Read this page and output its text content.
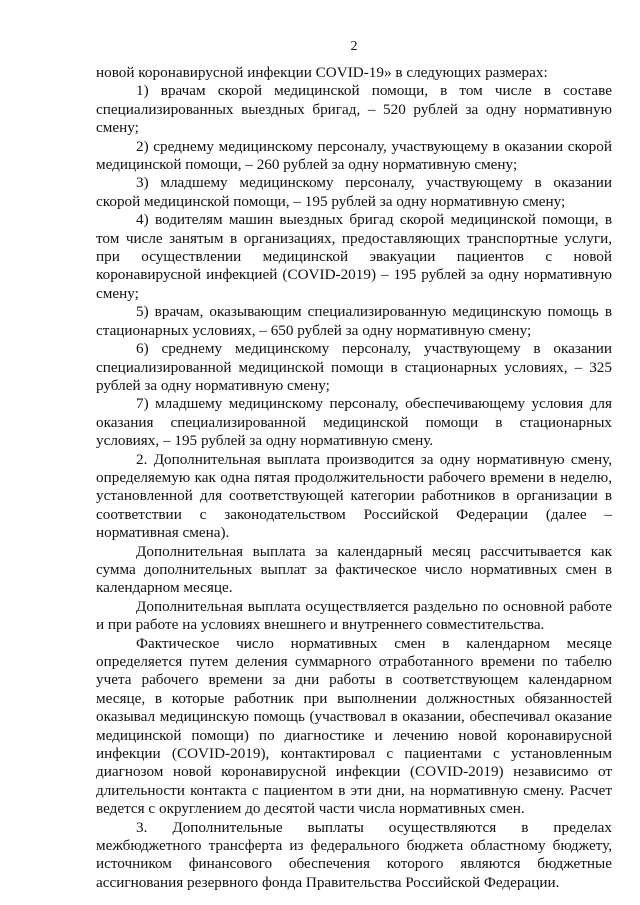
2

новой коронавирусной инфекции COVID-19» в следующих размерах:

1) врачам скорой медицинской помощи, в том числе в составе специализированных выездных бригад, – 520 рублей за одну нормативную смену;

2) среднему медицинскому персоналу, участвующему в оказании скорой медицинской помощи, – 260 рублей за одну нормативную смену;

3) младшему медицинскому персоналу, участвующему в оказании скорой медицинской помощи, – 195 рублей за одну нормативную смену;

4) водителям машин выездных бригад скорой медицинской помощи, в том числе занятым в организациях, предоставляющих транспортные услуги, при осуществлении медицинской эвакуации пациентов с новой коронавирусной инфекцией (COVID-2019) – 195 рублей за одну нормативную смену;

5) врачам, оказывающим специализированную медицинскую помощь в стационарных условиях, – 650 рублей за одну нормативную смену;

6) среднему медицинскому персоналу, участвующему в оказании специализированной медицинской помощи в стационарных условиях, – 325 рублей за одну нормативную смену;

7) младшему медицинскому персоналу, обеспечивающему условия для оказания специализированной медицинской помощи в стационарных условиях, – 195 рублей за одну нормативную смену.

2. Дополнительная выплата производится за одну нормативную смену, определяемую как одна пятая продолжительности рабочего времени в неделю, установленной для соответствующей категории работников в организации в соответствии с законодательством Российской Федерации (далее – нормативная смена).

Дополнительная выплата за календарный месяц рассчитывается как сумма дополнительных выплат за фактическое число нормативных смен в календарном месяце.

Дополнительная выплата осуществляется раздельно по основной работе и при работе на условиях внешнего и внутреннего совместительства.

Фактическое число нормативных смен в календарном месяце определяется путем деления суммарного отработанного времени по табелю учета рабочего времени за дни работы в соответствующем календарном месяце, в которые работник при выполнении должностных обязанностей оказывал медицинскую помощь (участвовал в оказании, обеспечивал оказание медицинской помощи) по диагностике и лечению новой коронавирусной инфекции (COVID-2019), контактировал с пациентами с установленным диагнозом новой коронавирусной инфекции (COVID-2019) независимо от длительности контакта с пациентом в эти дни, на нормативную смену. Расчет ведется с округлением до десятой части числа нормативных смен.

3. Дополнительные выплаты осуществляются в пределах межбюджетного трансферта из федерального бюджета областному бюджету, источником финансового обеспечения которого являются бюджетные ассигнования резервного фонда Правительства Российской Федерации.
